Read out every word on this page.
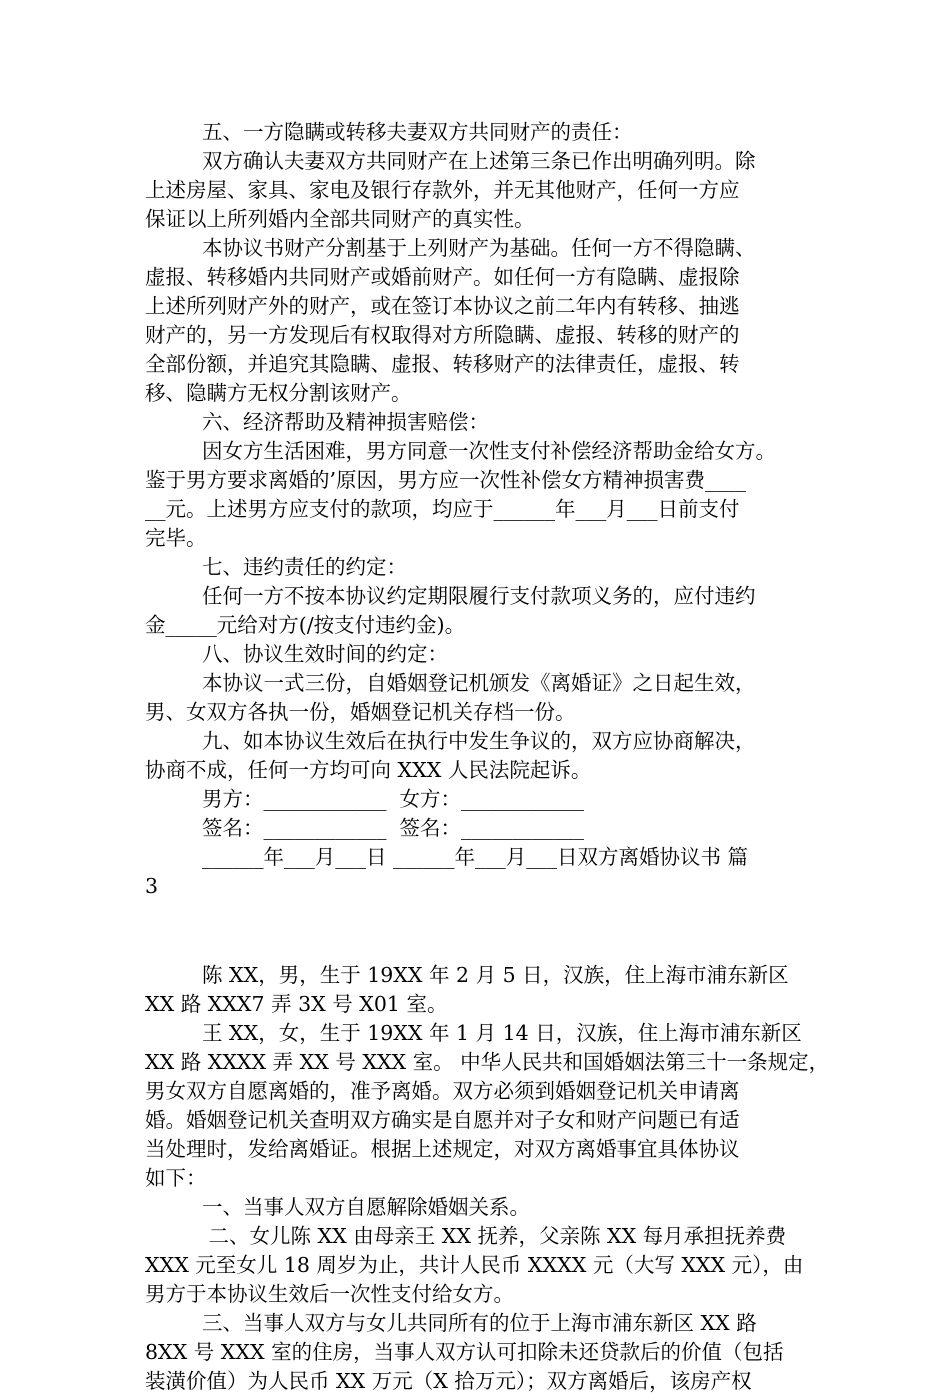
五、一方隐瞒或转移夫妻双方共同财产的责任：
双方确认夫妻双方共同财产在上述第三条已作出明确列明。除
上述房屋、家具、家电及银行存款外，并无其他财产，任何一方应
保证以上所列婚内全部共同财产的真实性。
本协议书财产分割基于上列财产为基础。任何一方不得隐瞒、
虚报、转移婚内共同财产或婚前财产。如任何一方有隐瞒、虚报除
上述所列财产外的财产，或在签订本协议之前二年内有转移、抽逃
财产的，另一方发现后有权取得对方所隐瞒、虚报、转移的财产的
全部份额，并追究其隐瞒、虚报、转移财产的法律责任，虚报、转
移、隐瞒方无权分割该财产。
六、经济帮助及精神损害赔偿：
因女方生活困难，男方同意一次性支付补偿经济帮助金给女方。
鉴于男方要求离婚的’原因，男方应一次性补偿女方精神损害费____
__元。上述男方应支付的款项，均应于______年___月___日前支付
完毕。
七、违约责任的约定：
任何一方不按本协议约定期限履行支付款项义务的，应付违约
金_____元给对方(/按支付违约金)。
八、协议生效时间的约定：
本协议一式三份，自婚姻登记机颁发《离婚证》之日起生效，
男、女双方各执一份，婚姻登记机关存档一份。
九、如本协议生效后在执行中发生争议的，双方应协商解决，
协商不成，任何一方均可向 XXX 人民法院起诉。
男方：____________  女方：____________
签名：____________  签名：____________
______年___月___日 ______年___月___日双方离婚协议书 篇
3
陈 XX，男，生于 19XX 年 2 月 5 日，汉族，住上海市浦东新区
XX 路 XXX7 弄 3X 号 X01 室。
王 XX，女，生于 19XX 年 1 月 14 日，汉族，住上海市浦东新区
XX 路 XXXX 弄 XX 号 XXX 室。 中华人民共和国婚姻法第三十一条规定，
男女双方自愿离婚的，准予离婚。双方必须到婚姻登记机关申请离
婚。婚姻登记机关查明双方确实是自愿并对子女和财产问题已有适
当处理时，发给离婚证。根据上述规定，对双方离婚事宜具体协议
如下：
一、当事人双方自愿解除婚姻关系。
二、女儿陈 XX 由母亲王 XX 抚养，父亲陈 XX 每月承担抚养费
XXX 元至女儿 18 周岁为止，共计人民币 XXXX 元（大写 XXX 元），由
男方于本协议生效后一次性支付给女方。
三、当事人双方与女儿共同所有的位于上海市浦东新区 XX 路
8XX 号 XXX 室的住房，当事人双方认可扣除未还贷款后的价值（包括
装潢价值）为人民币 XX 万元（X 拾万元）；双方离婚后，该房产权
